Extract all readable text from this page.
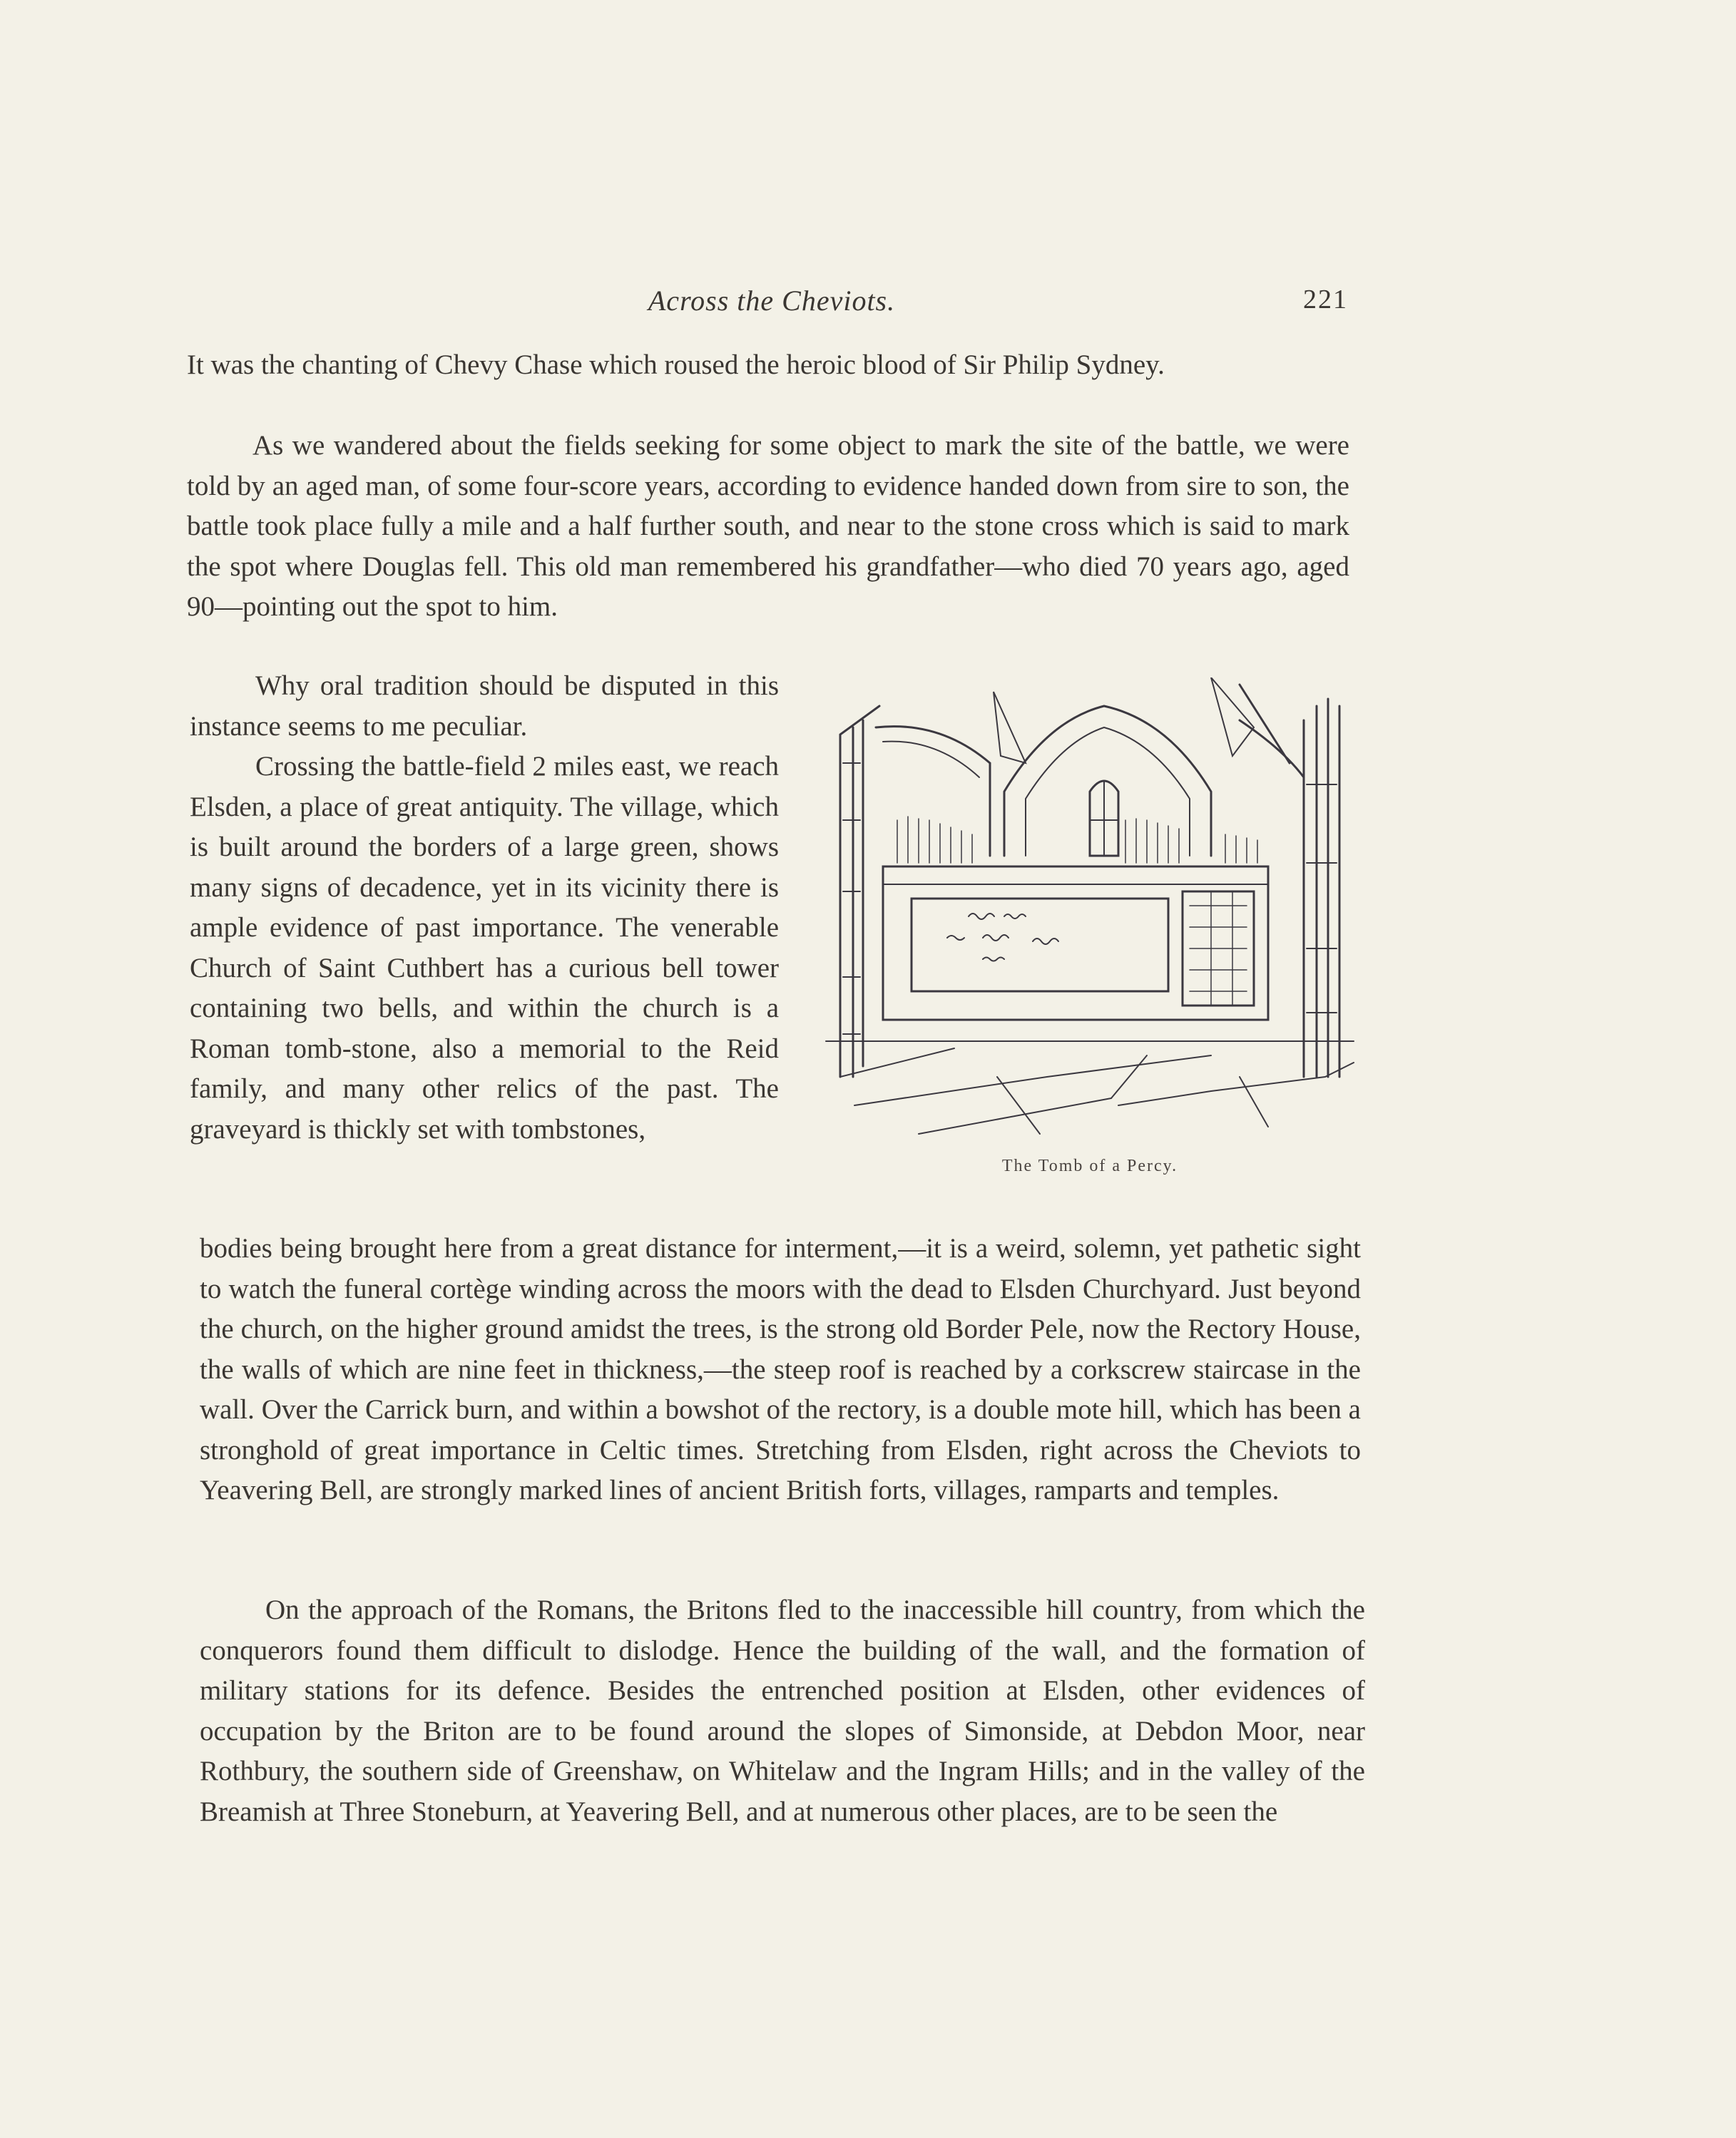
Across the Cheviots.	221

It was the chanting of Chevy Chase which roused the heroic blood of Sir Philip Sydney.

As we wandered about the fields seeking for some object to mark the site of the battle, we were told by an aged man, of some four-score years, according to evidence handed down from sire to son, the battle took place fully a mile and a half further south, and near to the stone cross which is said to mark the spot where Douglas fell. This old man remembered his grandfather—who died 70 years ago, aged 90—pointing out the spot to him.

Why oral tradition should be disputed in this instance seems to me peculiar.

Crossing the battle-field 2 miles east, we reach Elsden, a place of great antiquity. The village, which is built around the borders of a large green, shows many signs of decadence, yet in its vicinity there is ample evidence of past importance. The venerable Church of Saint Cuthbert has a curious bell tower containing two bells, and within the church is a Roman tomb-stone, also a memorial to the Reid family, and many other relics of the past. The graveyard is thickly set with tombstones,

bodies being brought here from a great distance for interment,—it is a weird, solemn, yet pathetic sight to watch the funeral cortège winding across the moors with the dead to Elsden Churchyard. Just beyond the church, on the higher ground amidst the trees, is the strong old Border Pele, now the Rectory House, the walls of which are nine feet in thickness,—the steep roof is reached by a corkscrew staircase in the wall. Over the Carrick burn, and within a bowshot of the rectory, is a double mote hill, which has been a stronghold of great importance in Celtic times. Stretching from Elsden, right across the Cheviots to Yeavering Bell, are strongly marked lines of ancient British forts, villages, ramparts and temples.

On the approach of the Romans, the Britons fled to the inaccessible hill country, from which the conquerors found them difficult to dislodge. Hence the building of the wall, and the formation of military stations for its defence. Besides the entrenched position at Elsden, other evidences of occupation by the Briton are to be found around the slopes of Simonside, at Debdon Moor, near Rothbury, the southern side of Greenshaw, on Whitelaw and the Ingram Hills; and in the valley of the Breamish at Three Stoneburn, at Yeavering Bell, and at numerous other places, are to be seen the

The Tomb of a Percy.
